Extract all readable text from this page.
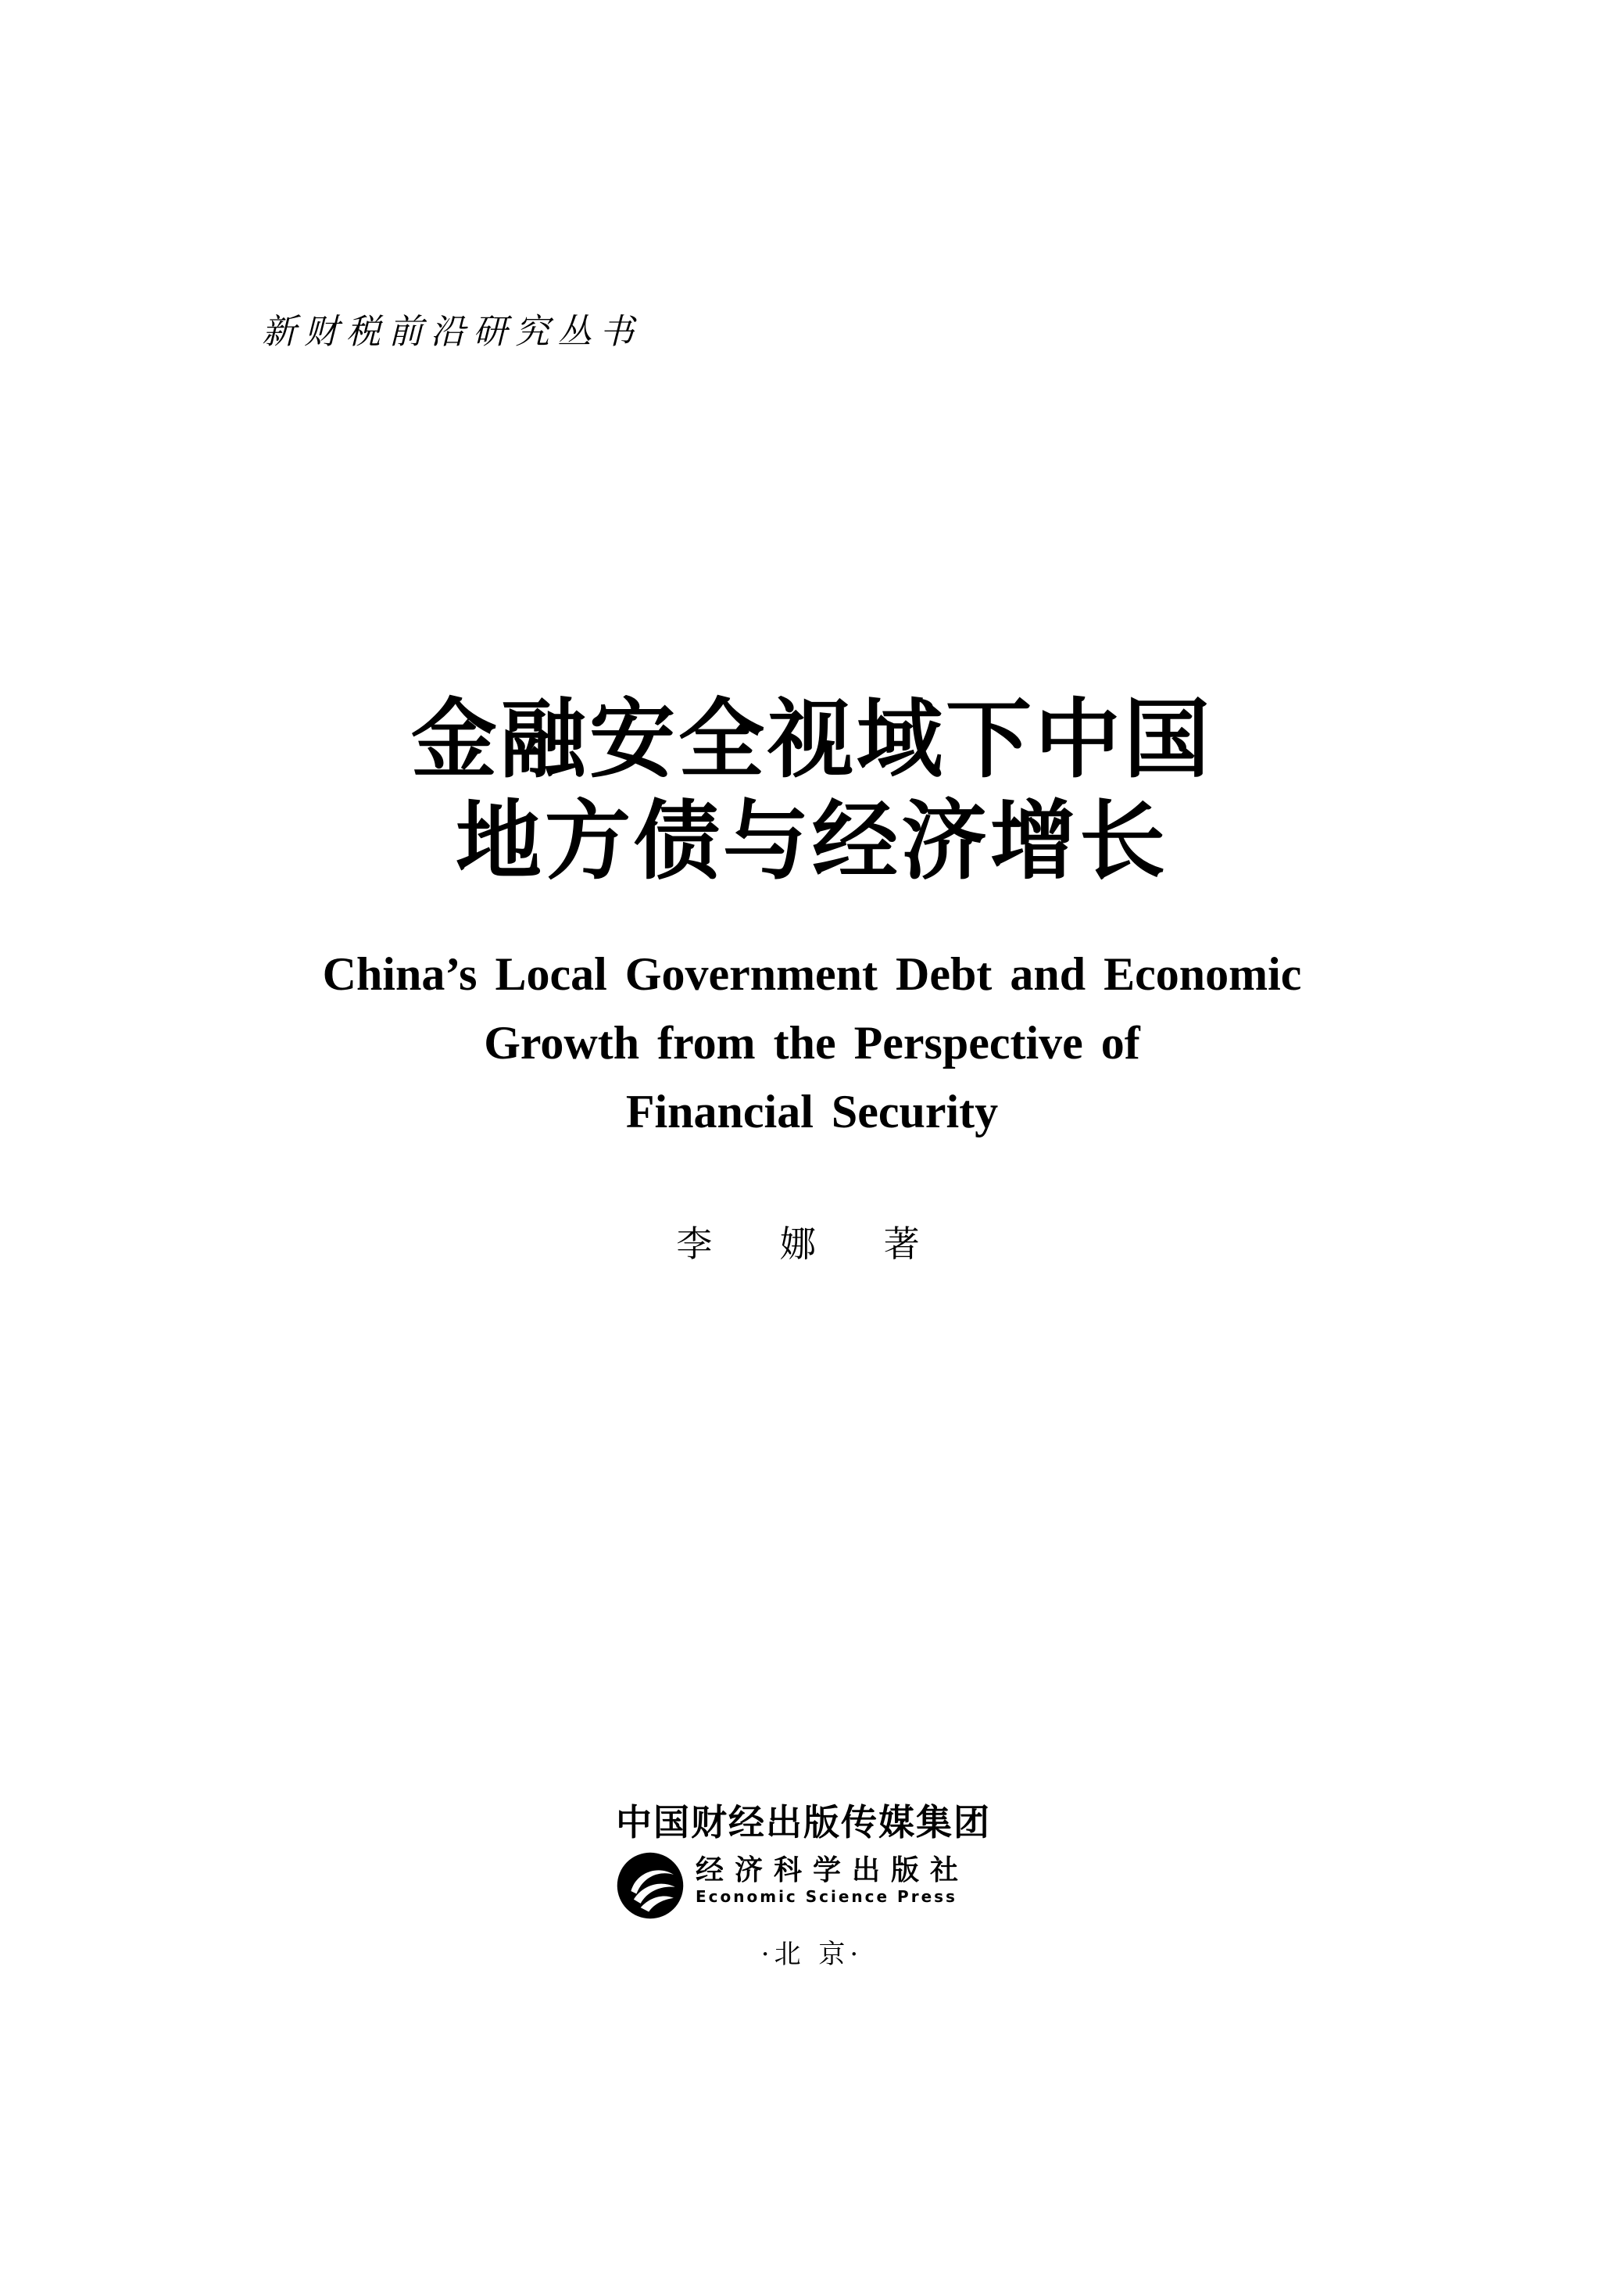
新财税前沿研究丛书
金融安全视域下中国
地方债与经济增长
China’s Local Government Debt and Economic
Growth from the Perspective of
Financial Security
李 娜 著
中国财经出版传媒集团
经济科学出版社
Economic Science Press
·北 京·
